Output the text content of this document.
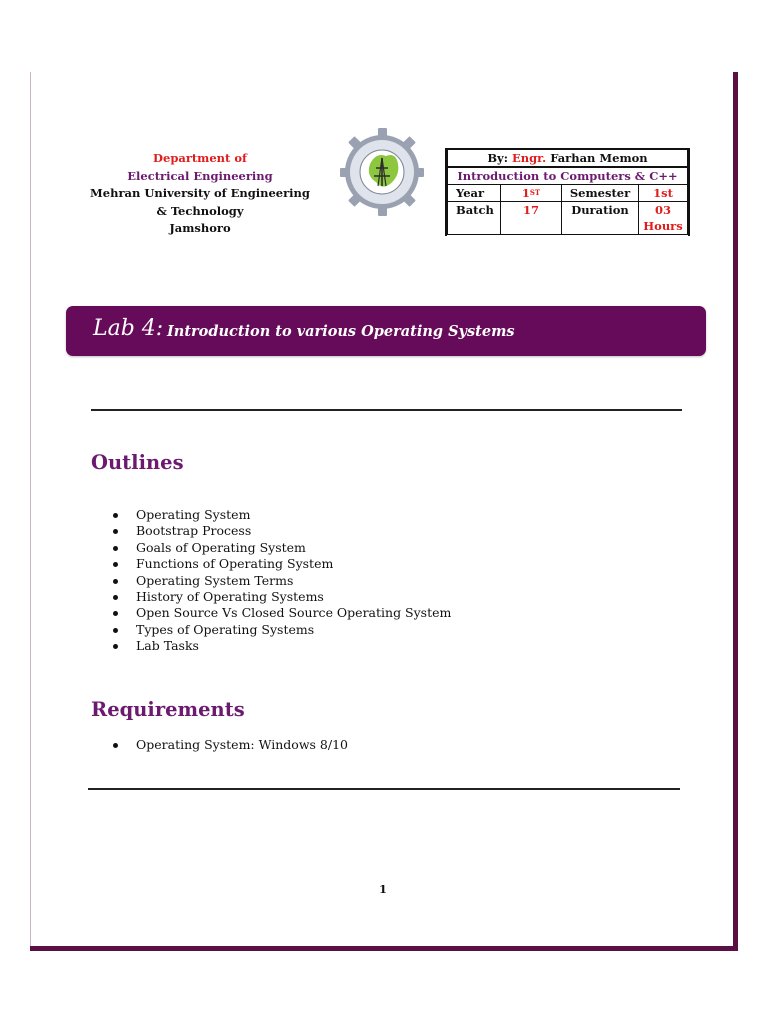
Department of
Electrical Engineering
Mehran University of Engineering
& Technology
Jamshoro
By: Engr. Farhan Memon			
Introduction to Computers & C++			
Year	1ST	Semester	1st
Batch	17	Duration	03
Hours
Lab 4: Introduction to various Operating Systems
Outlines
Operating System
Bootstrap Process
Goals of Operating System
Functions of Operating System
Operating System Terms
History of Operating Systems
Open Source Vs Closed Source Operating System
Types of Operating Systems
Lab Tasks
Requirements
Operating System: Windows 8/10
1
